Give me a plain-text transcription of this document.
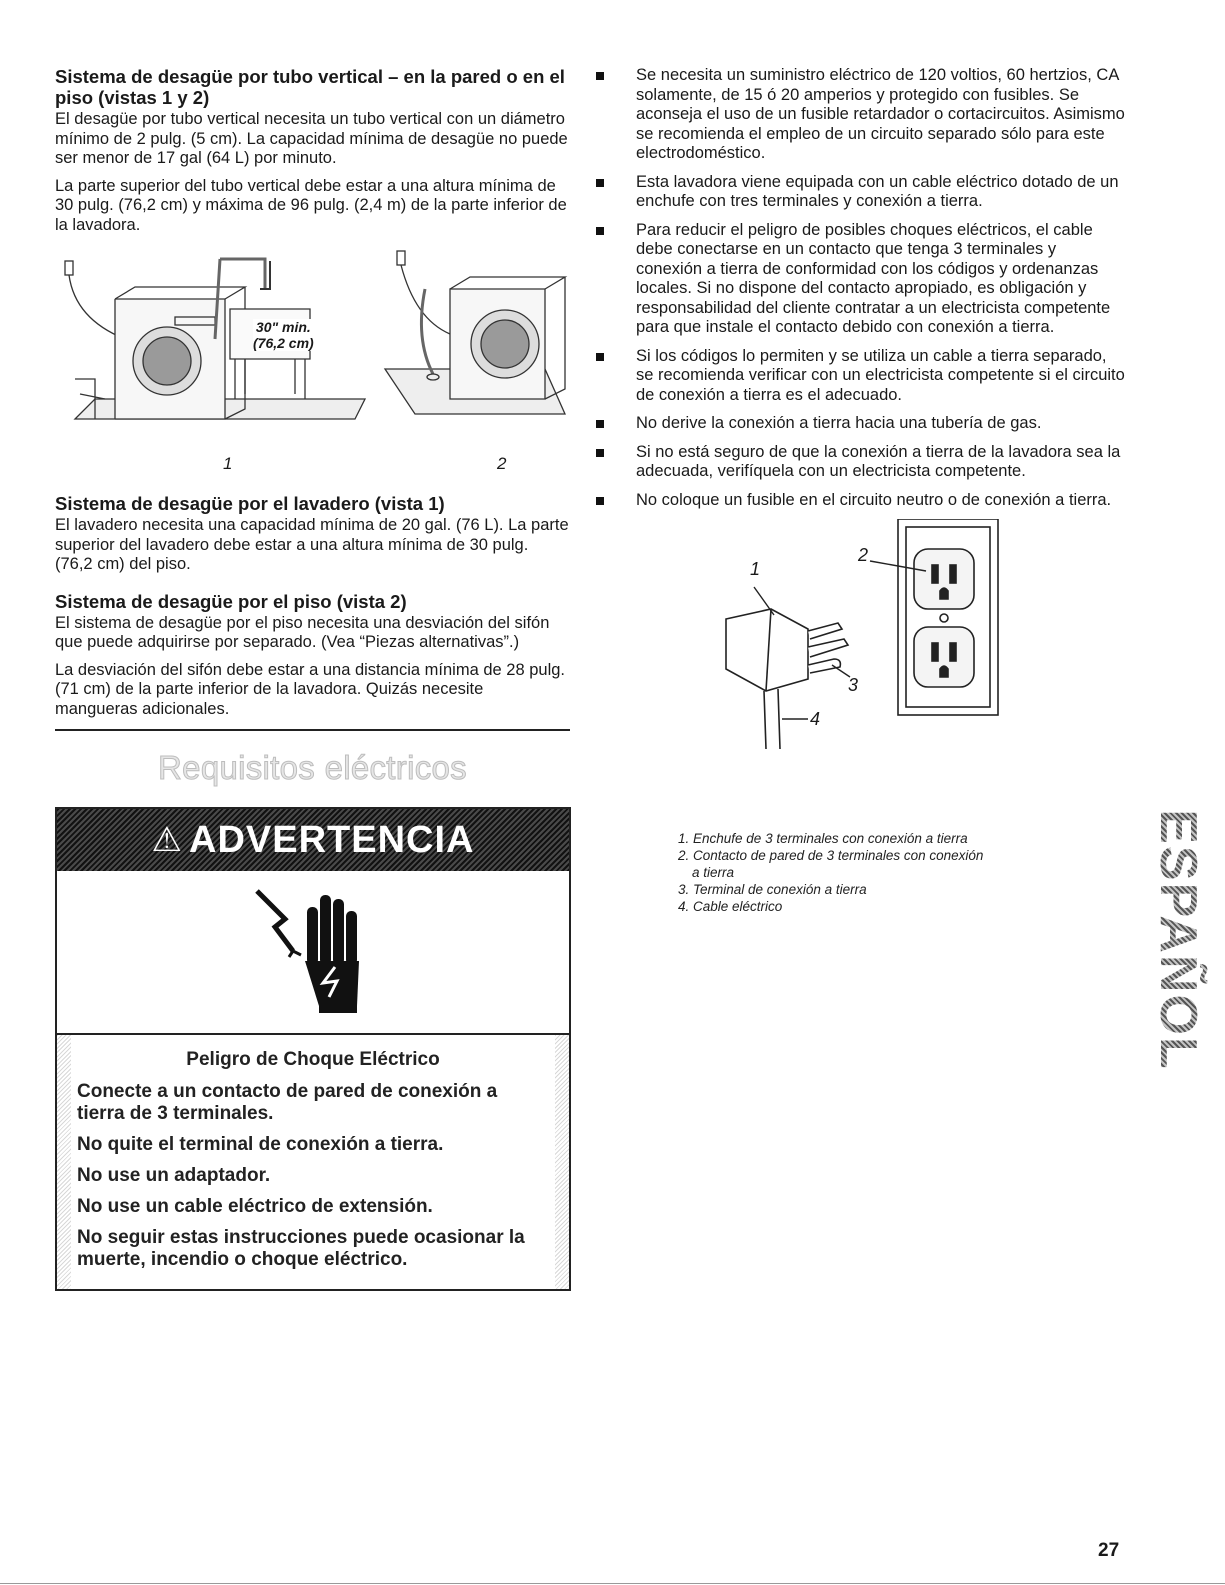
Sistema de desagüe por tubo vertical – en la pared o en el piso (vistas 1 y 2)

El desagüe por tubo vertical necesita un tubo vertical con un diámetro mínimo de 2 pulg. (5 cm). La capacidad mínima de desagüe no puede ser menor de 17 gal (64 L) por minuto.

La parte superior del tubo vertical debe estar a una altura mínima de 30 pulg. (76,2 cm) y máxima de 96 pulg. (2,4 m) de la parte inferior de la lavadora.

30" min.
(76,2 cm)
1	2
Sistema de desagüe por el lavadero (vista 1)

El lavadero necesita una capacidad mínima de 20 gal. (76 L). La parte superior del lavadero debe estar a una altura mínima de 30 pulg. (76,2 cm) del piso.

Sistema de desagüe por el piso (vista 2)

El sistema de desagüe por el piso necesita una desviación del sifón que puede adquirirse por separado. (Vea “Piezas alternativas”.)

La desviación del sifón debe estar a una distancia mínima de 28 pulg. (71 cm) de la parte inferior de la lavadora. Quizás necesite mangueras adicionales.

Requisitos eléctricos
⚠ ADVERTENCIA
Peligro de Choque Eléctrico
Conecte a un contacto de pared de conexión a tierra de 3 terminales.
No quite el terminal de conexión a tierra.
No use un adaptador.
No use un cable eléctrico de extensión.
No seguir estas instrucciones puede ocasionar la muerte, incendio o choque eléctrico.
Se necesita un suministro eléctrico de 120 voltios, 60 hertzios, CA solamente, de 15 ó 20 amperios y protegido con fusibles. Se aconseja el uso de un fusible retardador o cortacircuitos. Asimismo se recomienda el empleo de un circuito separado sólo para este electrodoméstico.
Esta lavadora viene equipada con un cable eléctrico dotado de un enchufe con tres terminales y conexión a tierra.
Para reducir el peligro de posibles choques eléctricos, el cable debe conectarse en un contacto que tenga 3 terminales y conexión a tierra de conformidad con los códigos y ordenanzas locales. Si no dispone del contacto apropiado, es obligación y responsabilidad del cliente contratar a un electricista competente para que instale el contacto debido con conexión a tierra.
Si los códigos lo permiten y se utiliza un cable a tierra separado, se recomienda verificar con un electricista competente si el circuito de conexión a tierra es el adecuado.
No derive la conexión a tierra hacia una tubería de gas.
Si no está seguro de que la conexión a tierra de la lavadora sea la adecuada, verifíquela con un electricista competente.
No coloque un fusible en el circuito neutro o de conexión a tierra.
1
2
3
4
1. Enchufe de 3 terminales con conexión a tierra
2. Contacto de pared de 3 terminales con conexión
a tierra
3. Terminal de conexión a tierra
4. Cable eléctrico	ESPAÑOL
27
